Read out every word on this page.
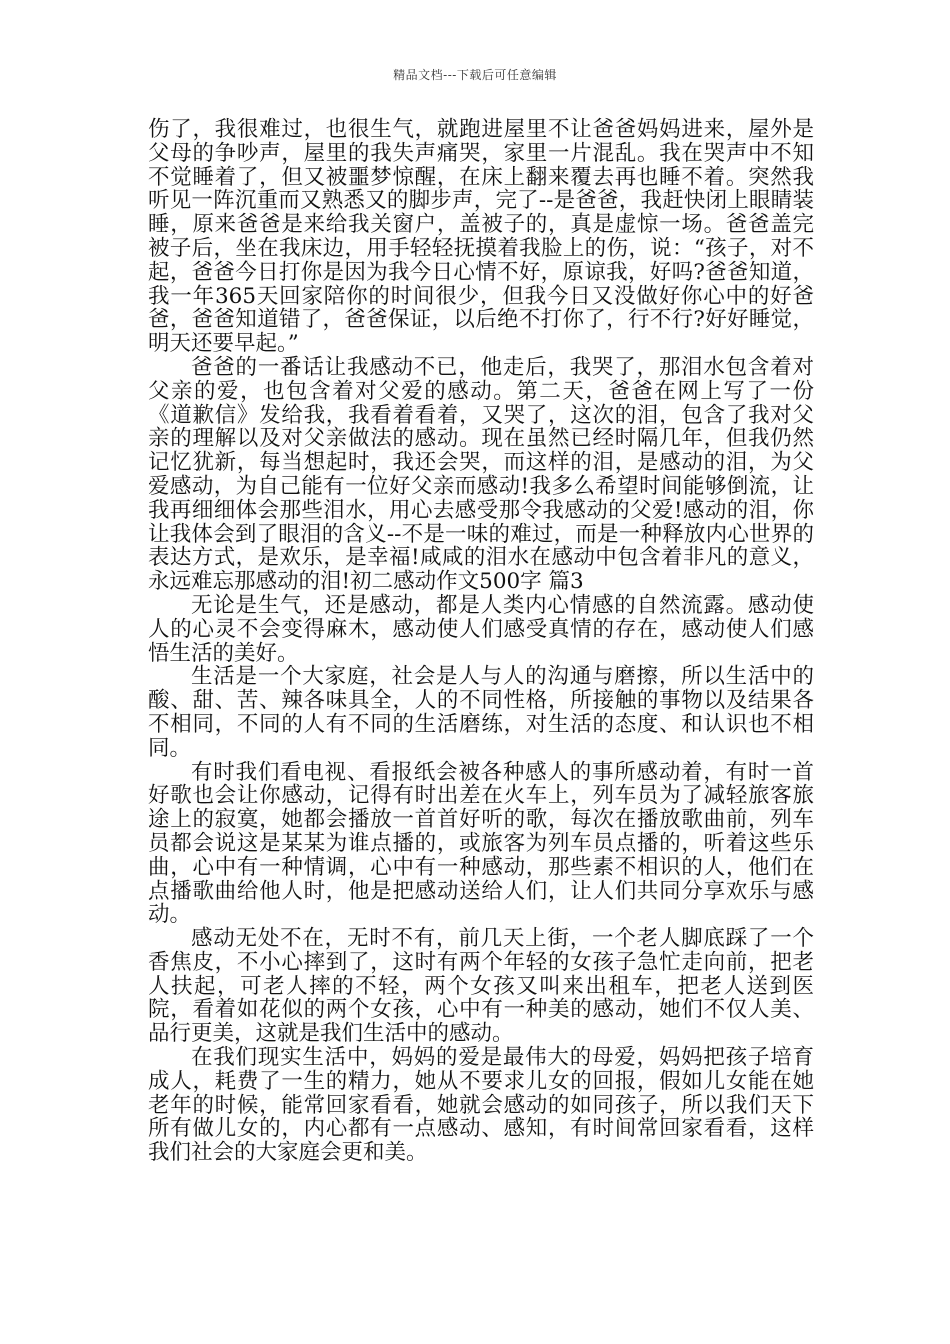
精品文档---下载后可任意编辑

伤了，我很难过，也很生气，就跑进屋里不让爸爸妈妈进来，屋外是父母的争吵声，屋里的我失声痛哭，家里一片混乱。我在哭声中不知不觉睡着了，但又被噩梦惊醒，在床上翻来覆去再也睡不着。突然我听见一阵沉重而又熟悉又的脚步声，完了--是爸爸，我赶快闭上眼睛装睡，原来爸爸是来给我关窗户，盖被子的，真是虚惊一场。爸爸盖完被子后，坐在我床边，用手轻轻抚摸着我脸上的伤，说：“孩子，对不起，爸爸今日打你是因为我今日心情不好，原谅我，好吗?爸爸知道，我一年365天回家陪你的时间很少，但我今日又没做好你心中的好爸爸，爸爸知道错了，爸爸保证，以后绝不打你了，行不行?好好睡觉，明天还要早起。”

爸爸的一番话让我感动不已，他走后，我哭了，那泪水包含着对父亲的爱，也包含着对父爱的感动。第二天，爸爸在网上写了一份《道歉信》发给我，我看着看着，又哭了，这次的泪，包含了我对父亲的理解以及对父亲做法的感动。现在虽然已经时隔几年，但我仍然记忆犹新，每当想起时，我还会哭，而这样的泪，是感动的泪，为父爱感动，为自己能有一位好父亲而感动!我多么希望时间能够倒流，让我再细细体会那些泪水，用心去感受那令我感动的父爱!感动的泪，你让我体会到了眼泪的含义--不是一味的难过，而是一种释放内心世界的表达方式，是欢乐，是幸福!咸咸的泪水在感动中包含着非凡的意义，永远难忘那感动的泪!初二感动作文500字 篇3

无论是生气，还是感动，都是人类内心情感的自然流露。感动使人的心灵不会变得麻木，感动使人们感受真情的存在，感动使人们感悟生活的美好。

生活是一个大家庭，社会是人与人的沟通与磨擦，所以生活中的酸、甜、苦、辣各味具全，人的不同性格，所接触的事物以及结果各不相同，不同的人有不同的生活磨练，对生活的态度、和认识也不相同。

有时我们看电视、看报纸会被各种感人的事所感动着，有时一首好歌也会让你感动，记得有时出差在火车上，列车员为了减轻旅客旅途上的寂寞，她都会播放一首首好听的歌，每次在播放歌曲前，列车员都会说这是某某为谁点播的，或旅客为列车员点播的，听着这些乐曲，心中有一种情调，心中有一种感动，那些素不相识的人，他们在点播歌曲给他人时，他是把感动送给人们，让人们共同分享欢乐与感动。

感动无处不在，无时不有，前几天上街，一个老人脚底踩了一个香焦皮，不小心摔到了，这时有两个年轻的女孩子急忙走向前，把老人扶起，可老人摔的不轻，两个女孩又叫来出租车，把老人送到医院，看着如花似的两个女孩，心中有一种美的感动，她们不仅人美、品行更美，这就是我们生活中的感动。

在我们现实生活中，妈妈的爱是最伟大的母爱，妈妈把孩子培育成人，耗费了一生的精力，她从不要求儿女的回报，假如儿女能在她老年的时候，能常回家看看，她就会感动的如同孩子，所以我们天下所有做儿女的，内心都有一点感动、感知，有时间常回家看看，这样我们社会的大家庭会更和美。
